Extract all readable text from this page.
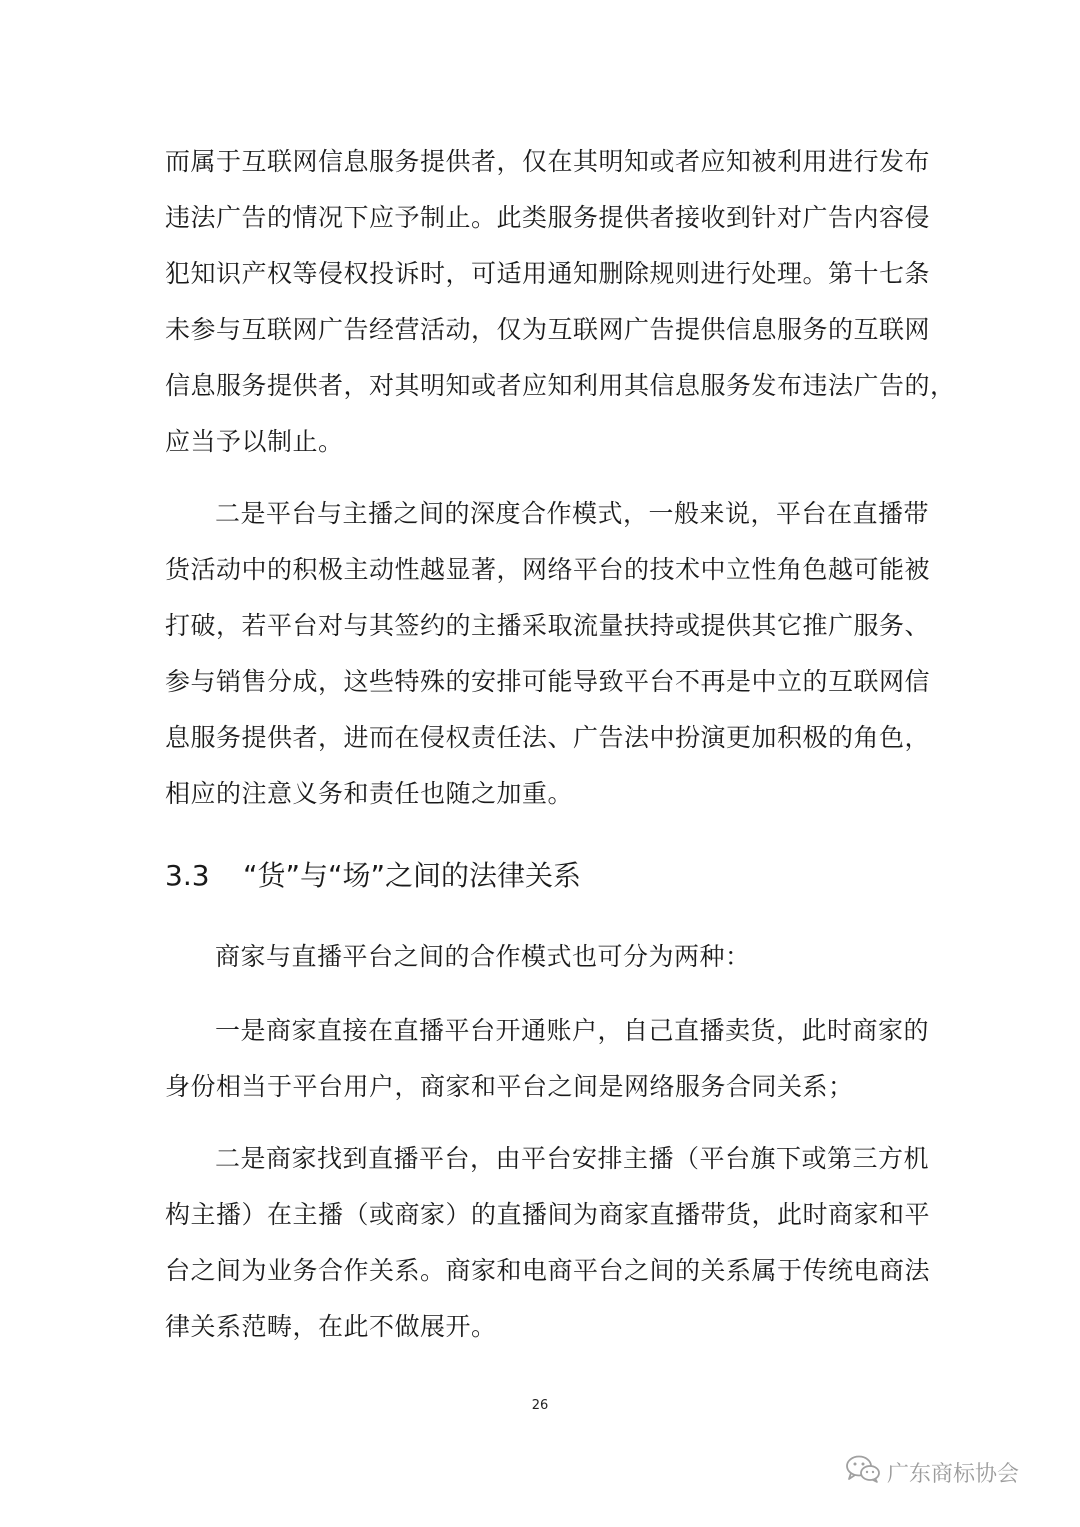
而属于互联网信息服务提供者，仅在其明知或者应知被利用进行发布
违法广告的情况下应予制止。此类服务提供者接收到针对广告内容侵
犯知识产权等侵权投诉时，可适用通知删除规则进行处理。第十七条
未参与互联网广告经营活动，仅为互联网广告提供信息服务的互联网
信息服务提供者，对其明知或者应知利用其信息服务发布违法广告的，
应当予以制止。
二是平台与主播之间的深度合作模式，一般来说，平台在直播带
货活动中的积极主动性越显著，网络平台的技术中立性角色越可能被
打破，若平台对与其签约的主播采取流量扶持或提供其它推广服务、
参与销售分成，这些特殊的安排可能导致平台不再是中立的互联网信
息服务提供者，进而在侵权责任法、广告法中扮演更加积极的角色，
相应的注意义务和责任也随之加重。
3.3 “货”与“场”之间的法律关系
商家与直播平台之间的合作模式也可分为两种：
一是商家直接在直播平台开通账户，自己直播卖货，此时商家的
身份相当于平台用户，商家和平台之间是网络服务合同关系；
二是商家找到直播平台，由平台安排主播（平台旗下或第三方机
构主播）在主播（或商家）的直播间为商家直播带货，此时商家和平
台之间为业务合作关系。商家和电商平台之间的关系属于传统电商法
律关系范畴，在此不做展开。
26
广东商标协会
